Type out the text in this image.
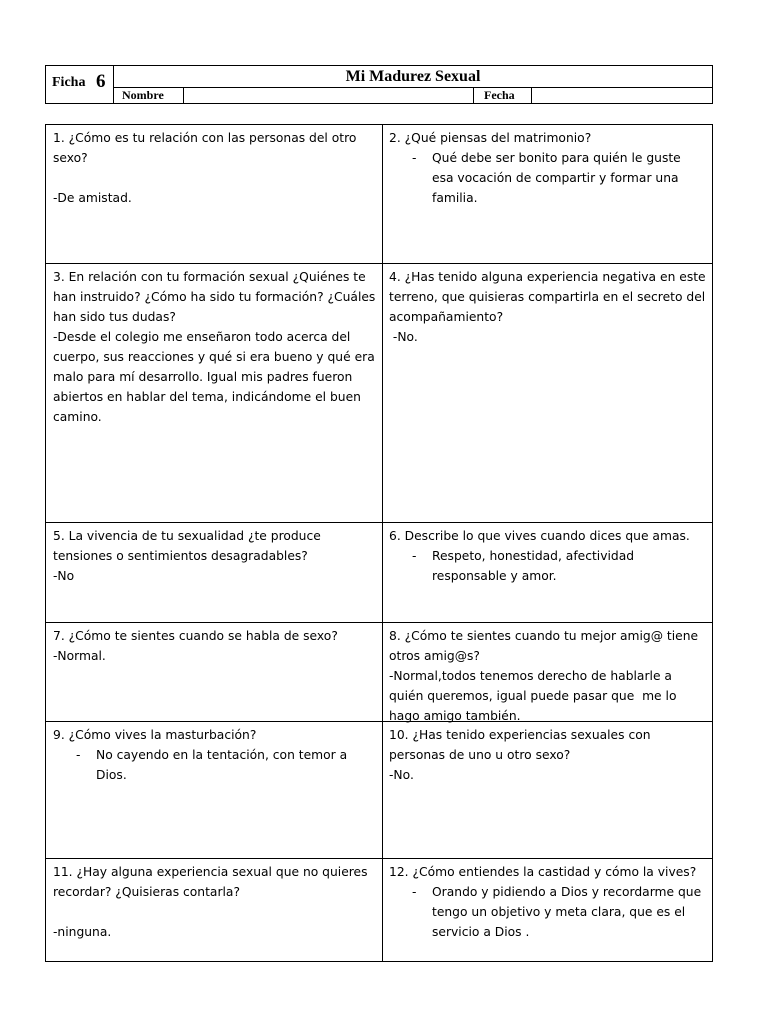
Ficha 6	Mi Madurez Sexual
Nombre	Fecha
1. ¿Cómo es tu relación con las personas del otro sexo?
-De amistad.
2. ¿Qué piensas del matrimonio?
- Qué debe ser bonito para quién le guste esa vocación de compartir y formar una familia.
3. En relación con tu formación sexual ¿Quiénes te han instruido? ¿Cómo ha sido tu formación? ¿Cuáles han sido tus dudas?
-Desde el colegio me enseñaron todo acerca del cuerpo, sus reacciones y qué si era bueno y qué era malo para mí desarrollo. Igual mis padres fueron abiertos en hablar del tema, indicándome el buen camino.
4. ¿Has tenido alguna experiencia negativa en este terreno, que quisieras compartirla en el secreto del acompañamiento?
-No.
5. La vivencia de tu sexualidad ¿te produce tensiones o sentimientos desagradables?
-No
6. Describe lo que vives cuando dices que amas.
- Respeto, honestidad, afectividad responsable y amor.
7. ¿Cómo te sientes cuando se habla de sexo?
-Normal.
8. ¿Cómo te sientes cuando tu mejor amig@ tiene otros amig@s?
-Normal,todos tenemos derecho de hablarle a quién queremos, igual puede pasar que  me lo hago amigo también.
9. ¿Cómo vives la masturbación?
- No cayendo en la tentación, con temor a Dios.
10. ¿Has tenido experiencias sexuales con personas de uno u otro sexo?
-No.
11. ¿Hay alguna experiencia sexual que no quieres recordar? ¿Quisieras contarla?
-ninguna.
12. ¿Cómo entiendes la castidad y cómo la vives?
- Orando y pidiendo a Dios y recordarme que tengo un objetivo y meta clara, que es el servicio a Dios .
